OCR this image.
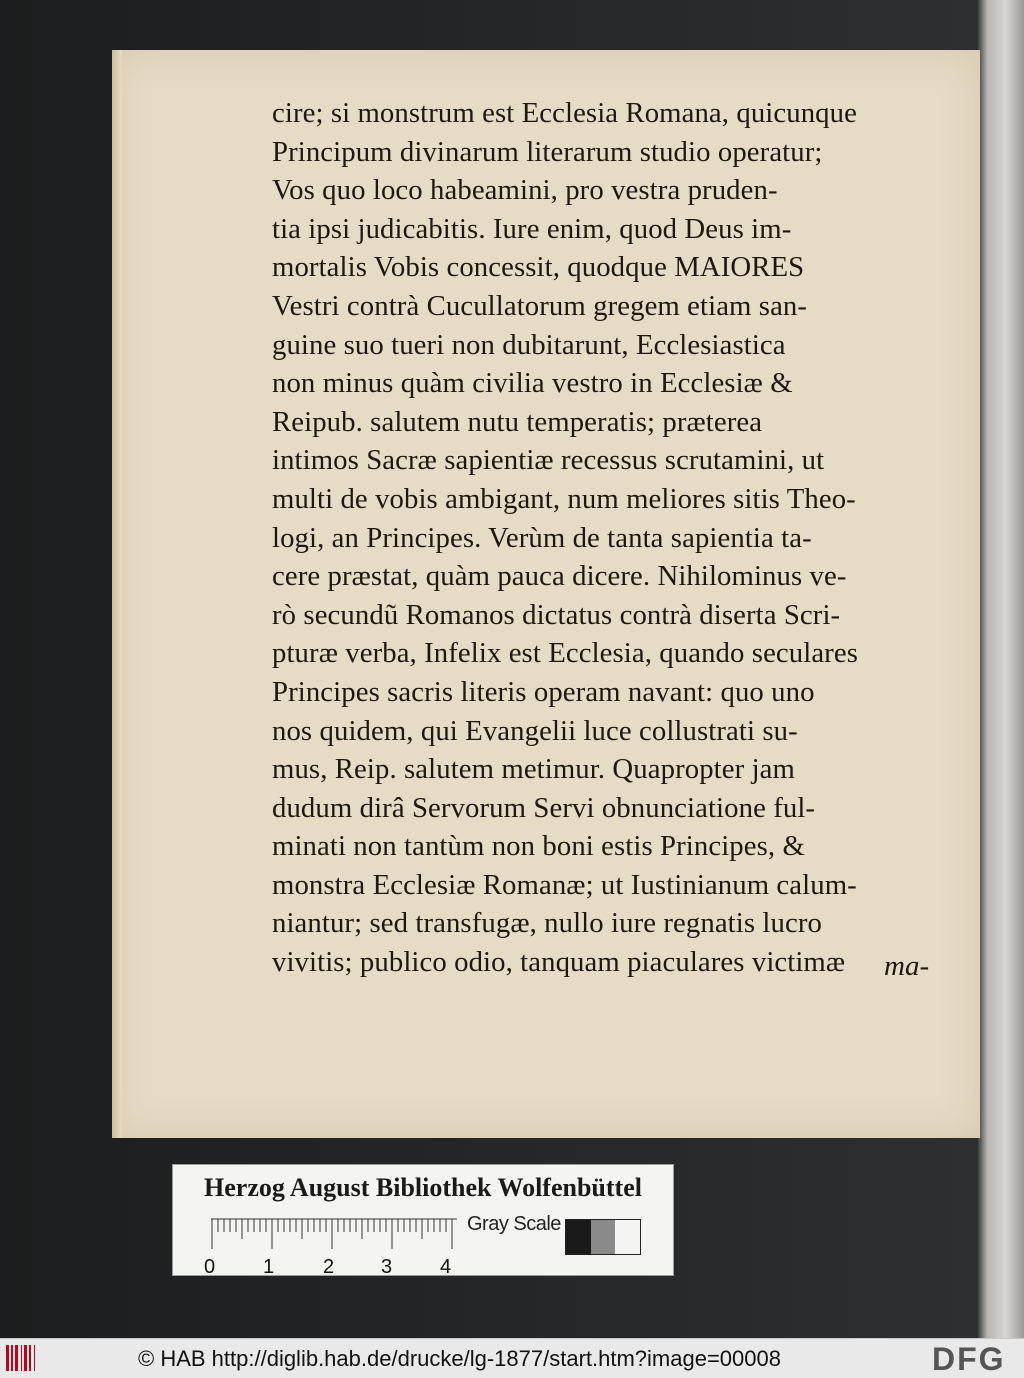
cire; si monstrum est Ecclesia Romana, quicunque
Principum divinarum literarum studio operatur;
Vos quo loco habeamini, pro vestra pruden-
tia ipsi judicabitis. Iure enim, quod Deus im-
mortalis Vobis concessit, quodque MAIORES
Vestri contrà Cucullatorum gregem etiam san-
guine suo tueri non dubitarunt, Ecclesiastica
non minus quàm civilia vestro in Ecclesiæ &
Reipub. salutem nutu temperatis; præterea
intimos Sacræ sapientiæ recessus scrutamini, ut
multi de vobis ambigant, num meliores sitis Theo-
logi, an Principes. Verùm de tanta sapientia ta-
cere præstat, quàm pauca dicere. Nihilominus ve-
rò secundũ Romanos dictatus contrà diserta Scri-
pturæ verba, Infelix est Ecclesia, quando seculares
Principes sacris literis operam navant: quo uno
nos quidem, qui Evangelii luce collustrati su-
mus, Reip. salutem metimur. Quapropter jam
dudum dirâ Servorum Servi obnunciatione ful-
minati non tantùm non boni estis Principes, &
monstra Ecclesiæ Romanæ; ut Iustinianum calum-
niantur; sed transfugæ, nullo iure regnatis lucro
vivitis; publico odio, tanquam piaculares victimæ	ma-
Herzog August Bibliothek Wolfenbüttel
Gray Scale
0 1 2 3 4
© HAB http://diglib.hab.de/drucke/lg-1877/start.htm?image=00008	DFG
